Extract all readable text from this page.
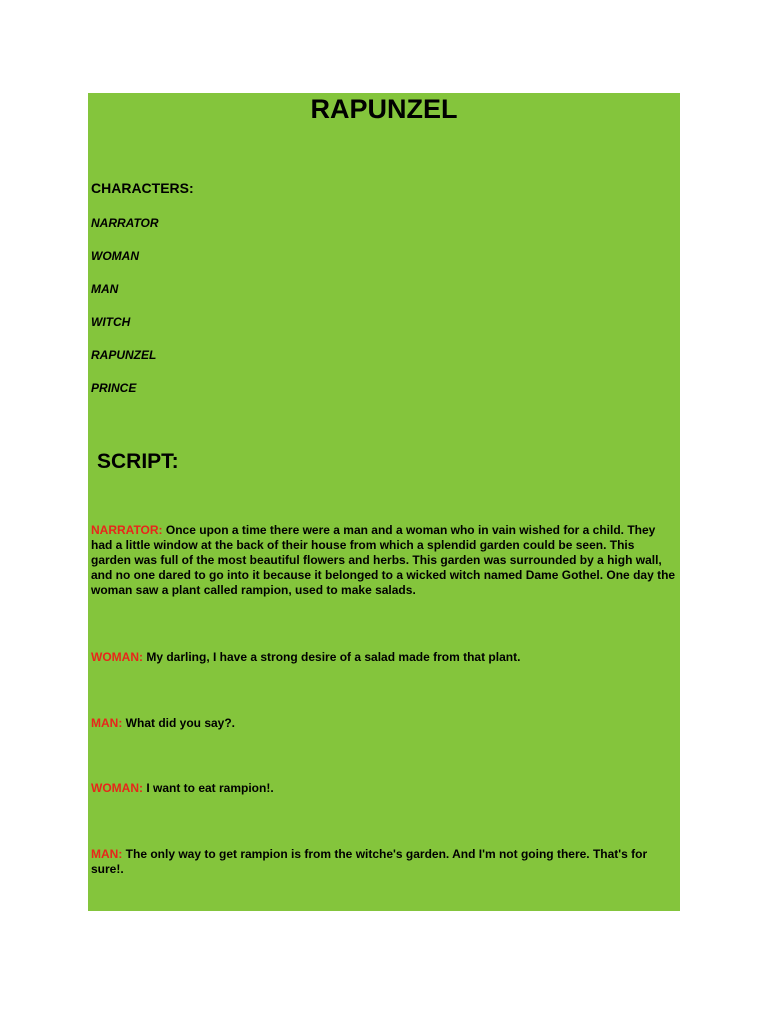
RAPUNZEL

CHARACTERS:

NARRATOR
WOMAN
MAN
WITCH
RAPUNZEL
PRINCE
SCRIPT:

NARRATOR: Once upon a time there were a man and a woman who in vain wished for a child. They had a little window at the back of their house from which a splendid garden could be seen. This garden was full of the most beautiful flowers and herbs. This garden was surrounded by a high wall, and no one dared to go into it because it belonged to a wicked witch named Dame Gothel. One day the woman saw a plant called rampion, used to make salads.

WOMAN: My darling, I have a strong desire of a salad made from that plant.

MAN: What did you say?.

WOMAN: I want to eat rampion!.

MAN: The only way to get rampion is from the witche's garden. And I'm not going there. That's for sure!.
